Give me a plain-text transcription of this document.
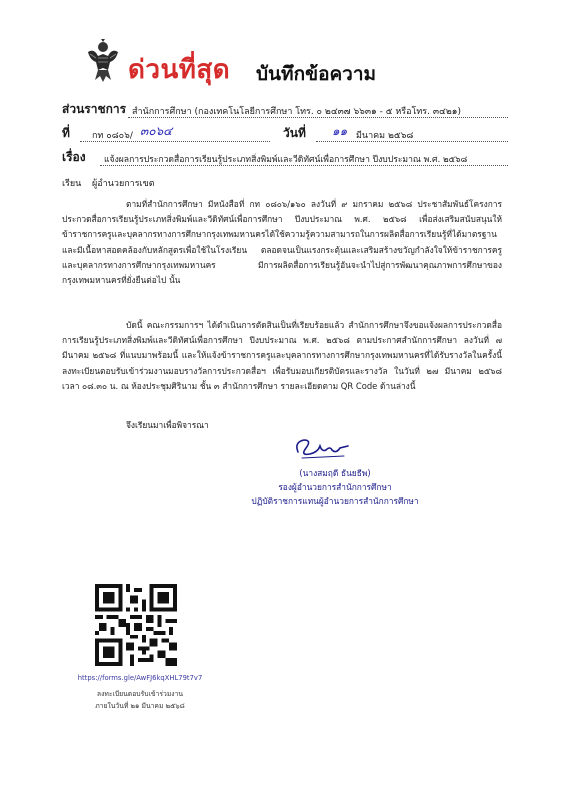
ด่วนที่สุด บันทึกข้อความ
ส่วนราชการ สำนักการศึกษา (กองเทคโนโลยีการศึกษา โทร. ๐ ๒๔๓๗ ๖๖๓๑ - ๕ หรือโทร. ๓๔๒๑)
ที่ กท ๐๘๐๖/ ๓๐๖๔	วันที่ ๑๑ มีนาคม ๒๕๖๘
เรื่อง แจ้งผลการประกวดสื่อการเรียนรู้ประเภทสิ่งพิมพ์และวีดิทัศน์เพื่อการศึกษา ปีงบประมาณ พ.ศ. ๒๕๖๘
เรียน ผู้อำนวยการเขต

ตามที่สำนักการศึกษา มีหนังสือที่ กท ๐๘๐๖/๑๖๐ ลงวันที่ ๙ มกราคม ๒๕๖๘ ประชาสัมพันธ์โครงการประกวดสื่อการเรียนรู้ประเภทสิ่งพิมพ์และวีดิทัศน์เพื่อการศึกษา ปีงบประมาณ พ.ศ. ๒๕๖๘ เพื่อส่งเสริมสนับสนุนให้ข้าราชการครูและบุคลากรทางการศึกษากรุงเทพมหานครได้ใช้ความรู้ความสามารถในการผลิตสื่อการเรียนรู้ที่ได้มาตรฐาน และมีเนื้อหาสอดคล้องกับหลักสูตรเพื่อใช้ในโรงเรียน ตลอดจนเป็นแรงกระตุ้นและเสริมสร้างขวัญกำลังใจให้ข้าราชการครูและบุคลากรทางการศึกษากรุงเทพมหานคร มีการผลิตสื่อการเรียนรู้อันจะนำไปสู่การพัฒนาคุณภาพการศึกษาของกรุงเทพมหานครที่ยั่งยืนต่อไป นั้น

บัดนี้ คณะกรรมการฯ ได้ดำเนินการตัดสินเป็นที่เรียบร้อยแล้ว สำนักการศึกษาจึงขอแจ้งผลการประกวดสื่อการเรียนรู้ประเภทสิ่งพิมพ์และวีดิทัศน์เพื่อการศึกษา ปีงบประมาณ พ.ศ. ๒๕๖๘ ตามประกาศสำนักการศึกษา ลงวันที่ ๗ มีนาคม ๒๕๖๘ ที่แนบมาพร้อมนี้ และให้แจ้งข้าราชการครูและบุคลากรทางการศึกษากรุงเทพมหานครที่ได้รับรางวัลในครั้งนี้ ลงทะเบียนตอบรับเข้าร่วมงานมอบรางวัลการประกวดสื่อฯ เพื่อรับมอบเกียรติบัตรและรางวัล ในวันที่ ๒๗ มีนาคม ๒๕๖๘ เวลา ๐๘.๓๐ น. ณ ห้องประชุมศิรินาม ชั้น ๓ สำนักการศึกษา รายละเอียดตาม QR Code ด้านล่างนี้

จึงเรียนมาเพื่อพิจารณา
(นางสมฤดี ธันยธีพ)
รองผู้อำนวยการสำนักการศึกษา
ปฏิบัติราชการแทนผู้อำนวยการสำนักการศึกษา
https://forms.gle/AwFJ6kqXHL79t7v7
ลงทะเบียนตอบรับเข้าร่วมงาน
ภายในวันที่ ๒๑ มีนาคม ๒๕๖๘
